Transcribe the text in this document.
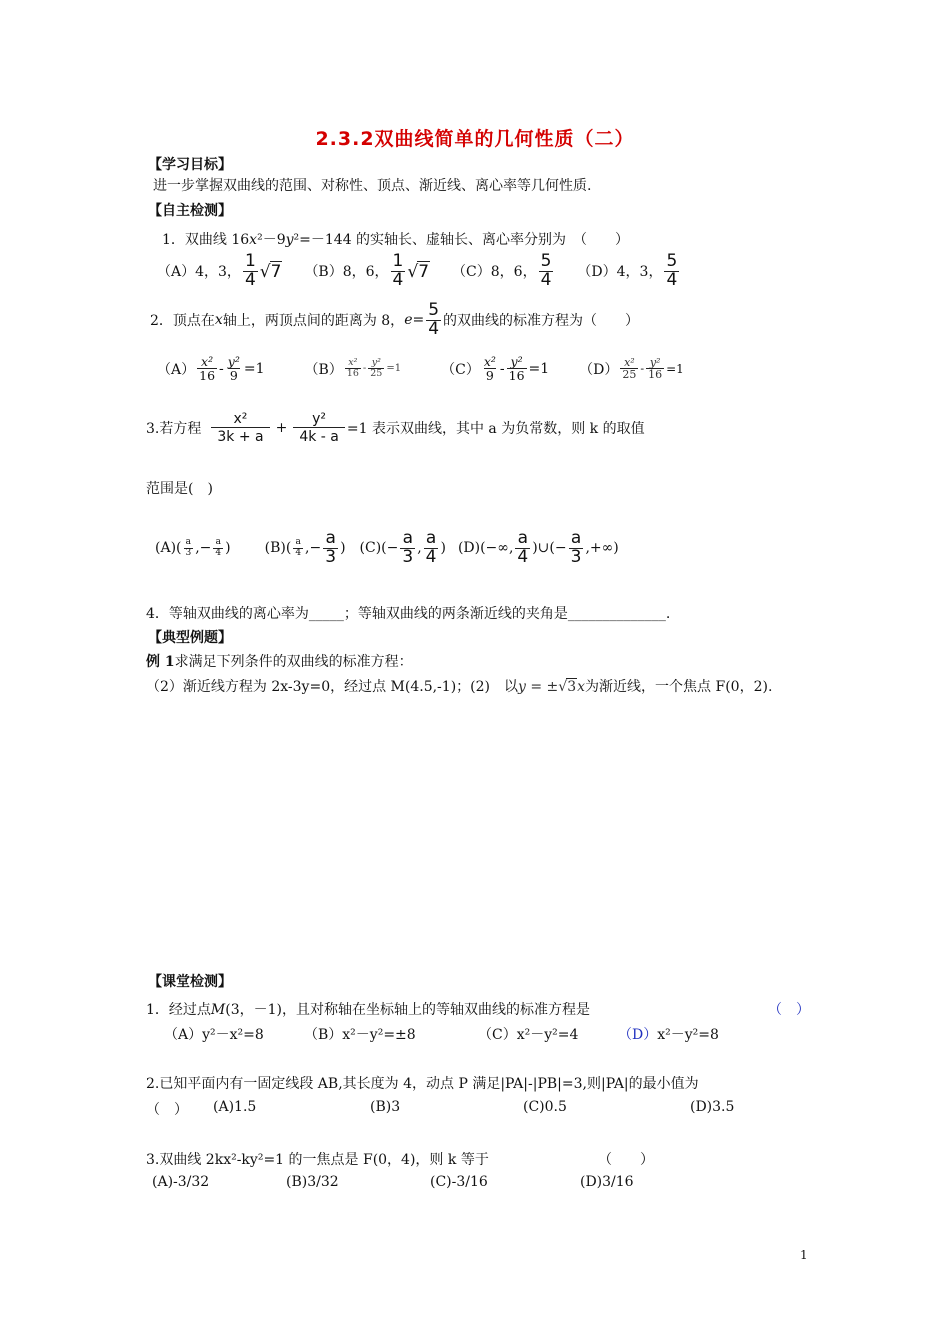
2.3.2双曲线简单的几何性质（二）
【学习目标】
进一步掌握双曲线的范围、对称性、顶点、渐近线、离心率等几何性质.
【自主检测】
1．双曲线 16x²－9y²=－144 的实轴长、虚轴长、离心率分别为　（　　）
（A）4，3， $\frac{1}{4} √7$ （B）8，6， $\frac{1}{4} √7$ （C）8，6， $\frac{5}{4} (D)4$，3， $\frac{5}{4}$
2．顶点在 x 轴上，两顶点间的距离为 8， $e = \frac{5}{4}$ 的双曲线的标准方程为（　　）
$(A) \frac{\text{x²}}{16} - \frac{\text{y²}}{9} =1$	$(B) \frac{\text{x²}}{16} - \frac{\text{y²}}{25} =1$	$(C) \frac{\text{x²}}{9} - \frac{\text{y²}}{16} =1$ $(D) \frac{\text{x²}}{25} - \frac{\text{y²}}{16} =1$
3.若方程 $\frac{\text{x²}}{3k + a} + \frac{\text{y²}}{4k - a} =1$ 表示双曲线，其中 a 为负常数，则 k 的取值
范围是(　)
$(A)( \frac{a}{3}$ ,− $\frac{a}{4}$ ) $(B)( \frac{a}{4}$ ,− $\frac{a}{3}$ ) $(C)(- \frac{a}{3}$ , $\frac{a}{4}$ ) (D)(−∞, $\frac{a}{4}$ )∪(− $\frac{a}{3}$ ,+∞)
4．等轴双曲线的离心率为_____；等轴双曲线的两条渐近线的夹角是______________.
【典型例题】
例 1求满足下列条件的双曲线的标准方程：
（2）渐近线方程为 2x-3y=0，经过点 M(4.5,-1)；(2)　以y = ±√3x为渐近线，一个焦点 F(0，2).
【课堂检测】
1．经过点M(3，－1)，且对称轴在坐标轴上的等轴双曲线的标准方程是	（　）
（A）y²－x²=8	（B）x²－y²=±8	（C）x²－y²=4	（D）x²－y²=8
2.已知平面内有一固定线段 AB,其长度为 4，动点 P 满足|PA|-|PB|=3,则|PA|的最小值为
（　） (A)1.5	(B)3	(C)0.5	(D)3.5
3.双曲线 2kx²-ky²=1 的一焦点是 F(0，4)，则 k 等于	（　　）
(A)-3/32	(B)3/32	(C)-3/16	(D)3/16
1
